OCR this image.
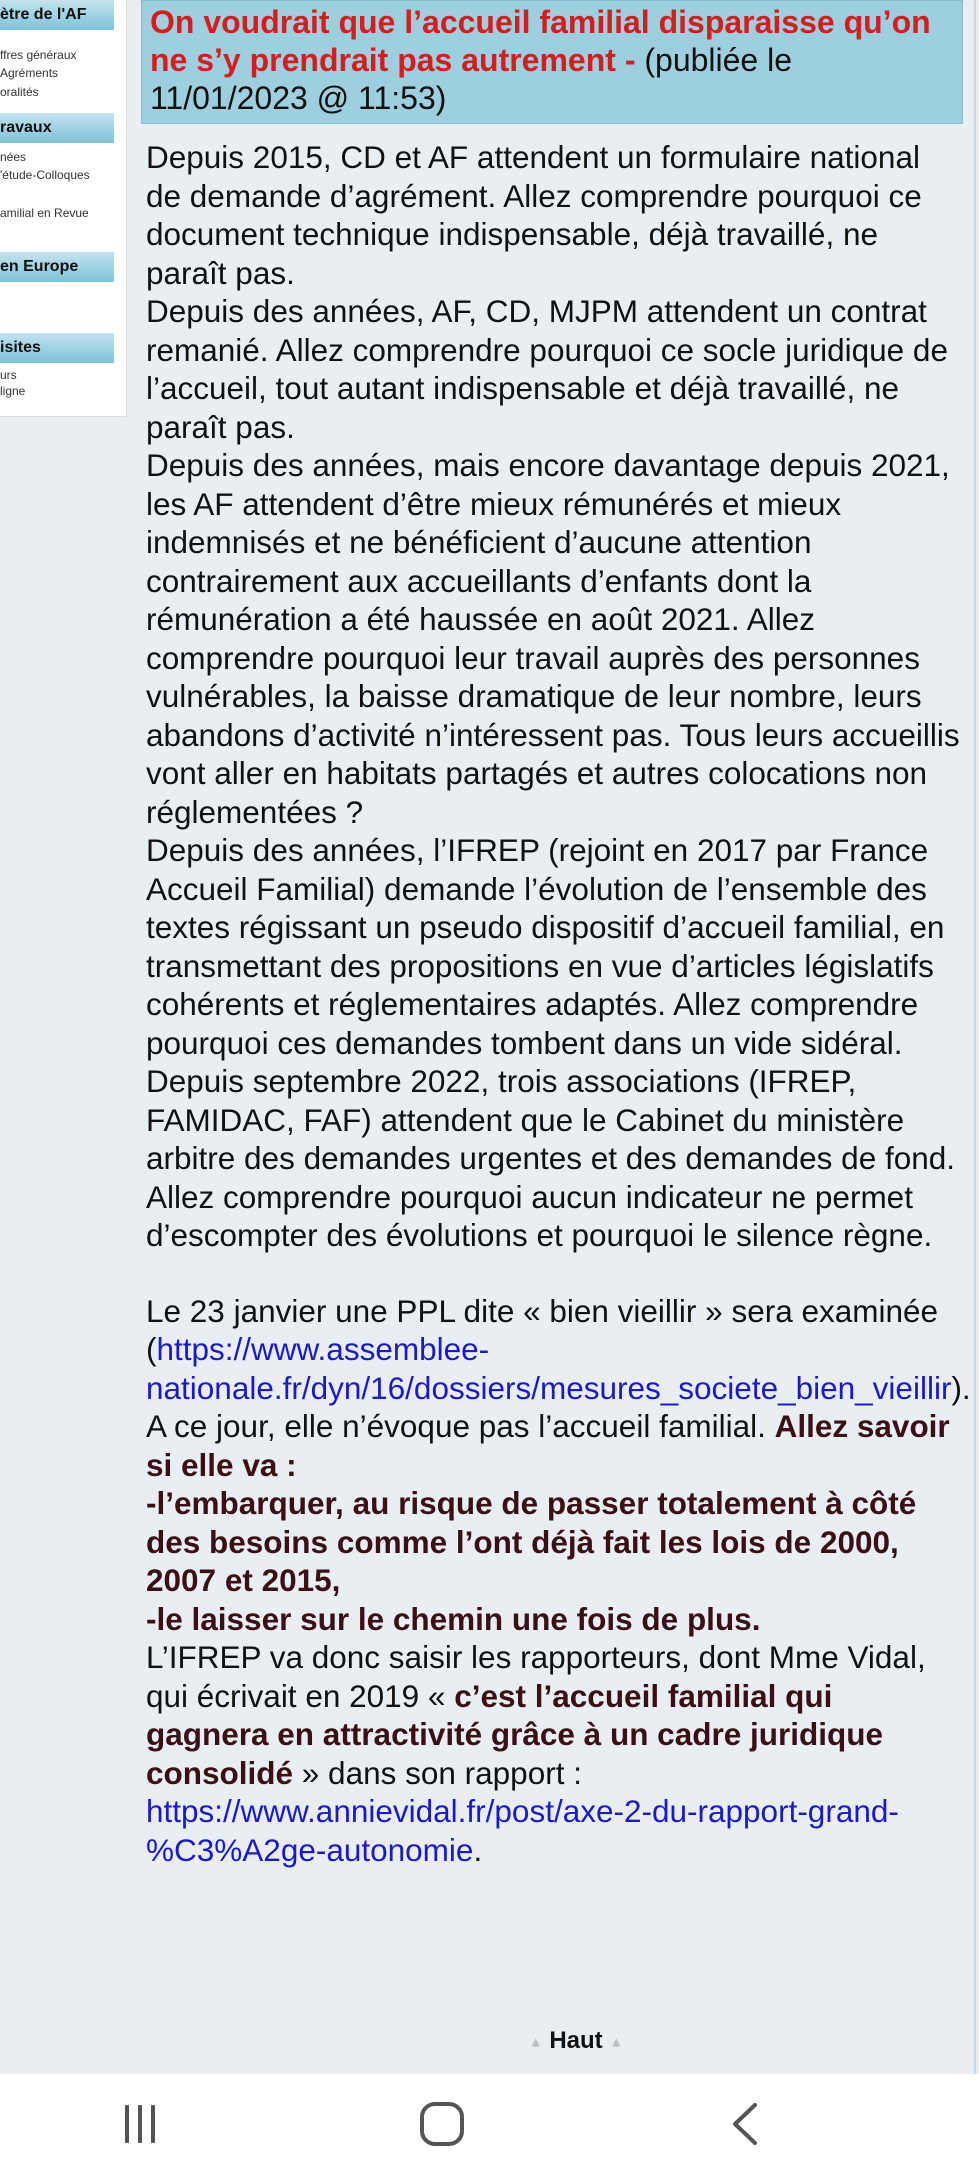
ètre de l'AF
ffres généraux
Agréments
oralités
ravaux
nées
'étude-Colloques
amilial en Revue
en Europe
isites
urs
ligne
On voudrait que l’accueil familial disparaisse qu’on ne s’y prendrait pas autrement - (publiée le 11/01/2023 @ 11:53)

Depuis 2015, CD et AF attendent un formulaire national de demande d’agrément. Allez comprendre pourquoi ce document technique indispensable, déjà travaillé, ne paraît pas.

Depuis des années, AF, CD, MJPM attendent un contrat remanié. Allez comprendre pourquoi ce socle juridique de l’accueil, tout autant indispensable et déjà travaillé, ne paraît pas.

Depuis des années, mais encore davantage depuis 2021, les AF attendent d’être mieux rémunérés et mieux indemnisés et ne bénéficient d’aucune attention contrairement aux accueillants d’enfants dont la rémunération a été haussée en août 2021. Allez comprendre pourquoi leur travail auprès des personnes vulnérables, la baisse dramatique de leur nombre, leurs abandons d’activité n’intéressent pas. Tous leurs accueillis vont aller en habitats partagés et autres colocations non réglementées ?

Depuis des années, l’IFREP (rejoint en 2017 par France Accueil Familial) demande l’évolution de l’ensemble des textes régissant un pseudo dispositif d’accueil familial, en transmettant des propositions en vue d’articles législatifs cohérents et réglementaires adaptés. Allez comprendre pourquoi ces demandes tombent dans un vide sidéral.

Depuis septembre 2022, trois associations (IFREP, FAMIDAC, FAF) attendent que le Cabinet du ministère arbitre des demandes urgentes et des demandes de fond. Allez comprendre pourquoi aucun indicateur ne permet d’escompter des évolutions et pourquoi le silence règne.

Le 23 janvier une PPL dite « bien vieillir » sera examinée (https://www.assemblee-nationale.fr/dyn/16/dossiers/mesures_societe_bien_vieillir). A ce jour, elle n’évoque pas l’accueil familial. Allez savoir si elle va :

-l’embarquer, au risque de passer totalement à côté des besoins comme l’ont déjà fait les lois de 2000, 2007 et 2015,

-le laisser sur le chemin une fois de plus.

L’IFREP va donc saisir les rapporteurs, dont Mme Vidal, qui écrivait en 2019 « c’est l’accueil familial qui gagnera en attractivité grâce à un cadre juridique consolidé » dans son rapport : https://www.annievidal.fr/post/axe-2-du-rapport-grand-%C3%A2ge-autonomie.

▲ Haut ▲
